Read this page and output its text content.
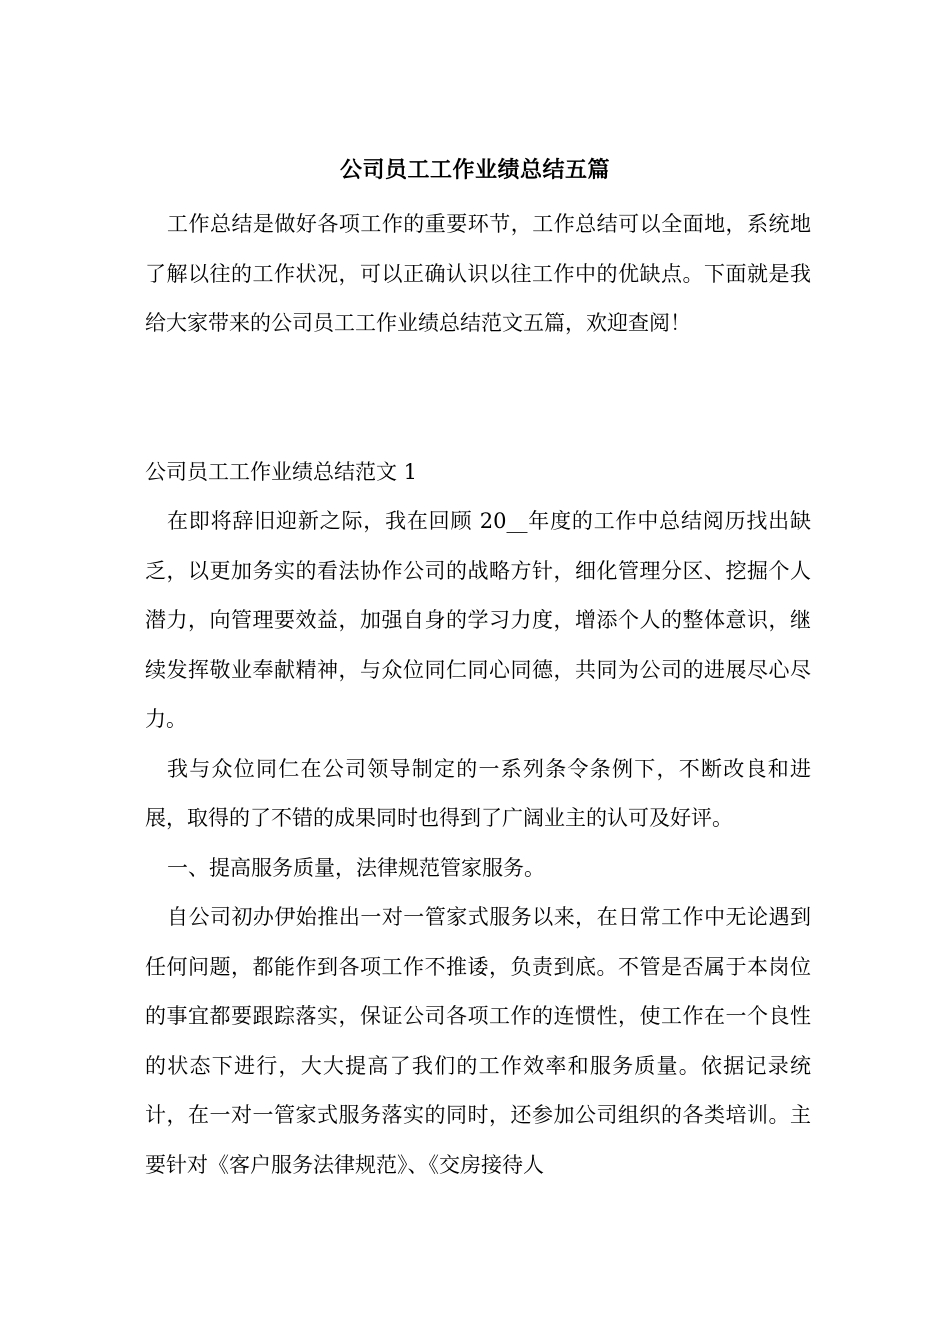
公司员工工作业绩总结五篇

工作总结是做好各项工作的重要环节，工作总结可以全面地，系统地了解以往的工作状况，可以正确认识以往工作中的优缺点。下面就是我给大家带来的公司员工工作业绩总结范文五篇，欢迎查阅！

公司员工工作业绩总结范文 1

在即将辞旧迎新之际，我在回顾 20__年度的工作中总结阅历找出缺乏，以更加务实的看法协作公司的战略方针，细化管理分区、挖掘个人潜力，向管理要效益，加强自身的学习力度，增添个人的整体意识，继续发挥敬业奉献精神，与众位同仁同心同德，共同为公司的进展尽心尽力。

我与众位同仁在公司领导制定的一系列条令条例下，不断改良和进展，取得的了不错的成果同时也得到了广阔业主的认可及好评。

一、提高服务质量，法律规范管家服务。

自公司初办伊始推出一对一管家式服务以来，在日常工作中无论遇到任何问题，都能作到各项工作不推诿，负责到底。不管是否属于本岗位的事宜都要跟踪落实，保证公司各项工作的连惯性，使工作在一个良性的状态下进行，大大提高了我们的工作效率和服务质量。依据记录统计，在一对一管家式服务落实的同时，还参加公司组织的各类培训。主要针对《客户服务法律规范》、《交房接待人
